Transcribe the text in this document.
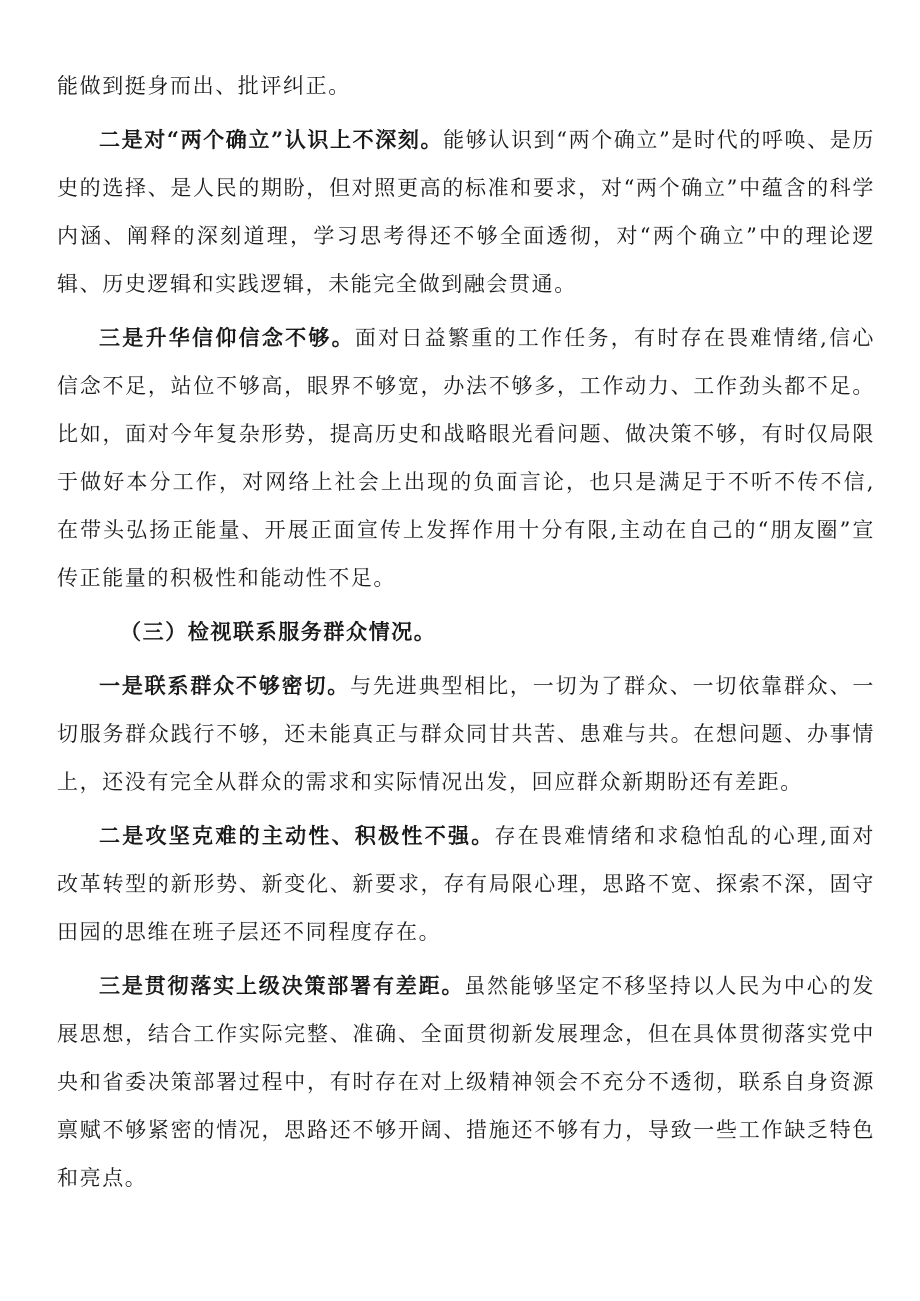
能做到挺身而出、批评纠正。

二是对“两个确立”认识上不深刻。能够认识到“两个确立”是时代的呼唤、是历史的选择、是人民的期盼，但对照更高的标准和要求，对“两个确立”中蕴含的科学内涵、阐释的深刻道理，学习思考得还不够全面透彻，对“两个确立”中的理论逻辑、历史逻辑和实践逻辑，未能完全做到融会贯通。

三是升华信仰信念不够。面对日益繁重的工作任务，有时存在畏难情绪,信心信念不足，站位不够高，眼界不够宽，办法不够多，工作动力、工作劲头都不足。比如，面对今年复杂形势，提高历史和战略眼光看问题、做决策不够，有时仅局限于做好本分工作，对网络上社会上出现的负面言论，也只是满足于不听不传不信,在带头弘扬正能量、开展正面宣传上发挥作用十分有限,主动在自己的“朋友圈”宣传正能量的积极性和能动性不足。

（三）检视联系服务群众情况。

一是联系群众不够密切。与先进典型相比，一切为了群众、一切依靠群众、一切服务群众践行不够，还未能真正与群众同甘共苦、患难与共。在想问题、办事情上，还没有完全从群众的需求和实际情况出发，回应群众新期盼还有差距。

二是攻坚克难的主动性、积极性不强。存在畏难情绪和求稳怕乱的心理,面对改革转型的新形势、新变化、新要求，存有局限心理，思路不宽、探索不深，固守田园的思维在班子层还不同程度存在。

三是贯彻落实上级决策部署有差距。虽然能够坚定不移坚持以人民为中心的发展思想，结合工作实际完整、准确、全面贯彻新发展理念，但在具体贯彻落实党中央和省委决策部署过程中，有时存在对上级精神领会不充分不透彻，联系自身资源禀赋不够紧密的情况，思路还不够开阔、措施还不够有力，导致一些工作缺乏特色和亮点。
